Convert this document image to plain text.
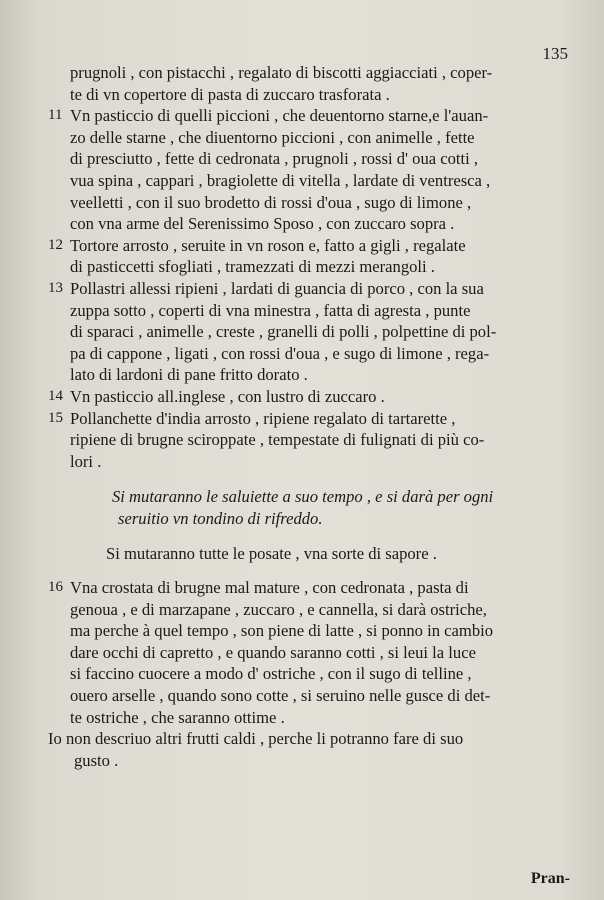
135
prugnoli , con pistacchi , regalato di biscotti aggiacciati , coper-
te di vn copertore di pasta di zuccaro trasforata .
11 Vn pasticcio di quelli piccioni , che deuentorno starne,e l'auan-
zo delle starne , che diuentorno piccioni , con animelle , fette
di presciutto , fette di cedronata , prugnoli , rossi d' oua cotti ,
vua spina , cappari , bragiolette di vitella , lardate di ventresca ,
veelletti , con il suo brodetto di rossi d'oua , sugo di limone ,
con vna arme del Serenissimo Sposo , con zuccaro sopra .
12 Tortore arrosto , seruite in vn roson e, fatto a gigli , regalate
di pasticcetti sfogliati , tramezzati di mezzi merangoli .
13 Pollastri allessi ripieni , lardati di guancia di porco , con la sua
zuppa sotto , coperti di vna minestra , fatta di agresta , punte
di sparaci , animelle , creste , granelli di polli , polpettine di pol-
pa di cappone , ligati , con rossi d'oua , e sugo di limone , rega-
lato di lardoni di pane fritto dorato .
14 Vn pasticcio all.inglese , con lustro di zuccaro .
15 Pollanchette d'india arrosto , ripiene regalato di tartarette ,
ripiene di brugne sciroppate , tempestate di fulignati di più co-
lori .
Si mutaranno le saluiette a suo tempo , e si darà per ogni
seruitio vn tondino di rifreddo.
Si mutaranno tutte le posate , vna sorte di sapore .
16 Vna crostata di brugne mal mature , con cedronata , pasta di
genoua , e di marzapane , zuccaro , e cannella, si darà ostriche,
ma perche à quel tempo , son piene di latte , si ponno in cambio
dare occhi di capretto , e quando saranno cotti , si leui la luce
si faccino cuocere a modo d' ostriche , con il sugo di telline ,
ouero arselle , quando sono cotte , si seruino nelle gusce di det-
te ostriche , che saranno ottime .
Io non descriuo altri frutti caldi , perche li potranno fare di suo
gusto .
Pran-
